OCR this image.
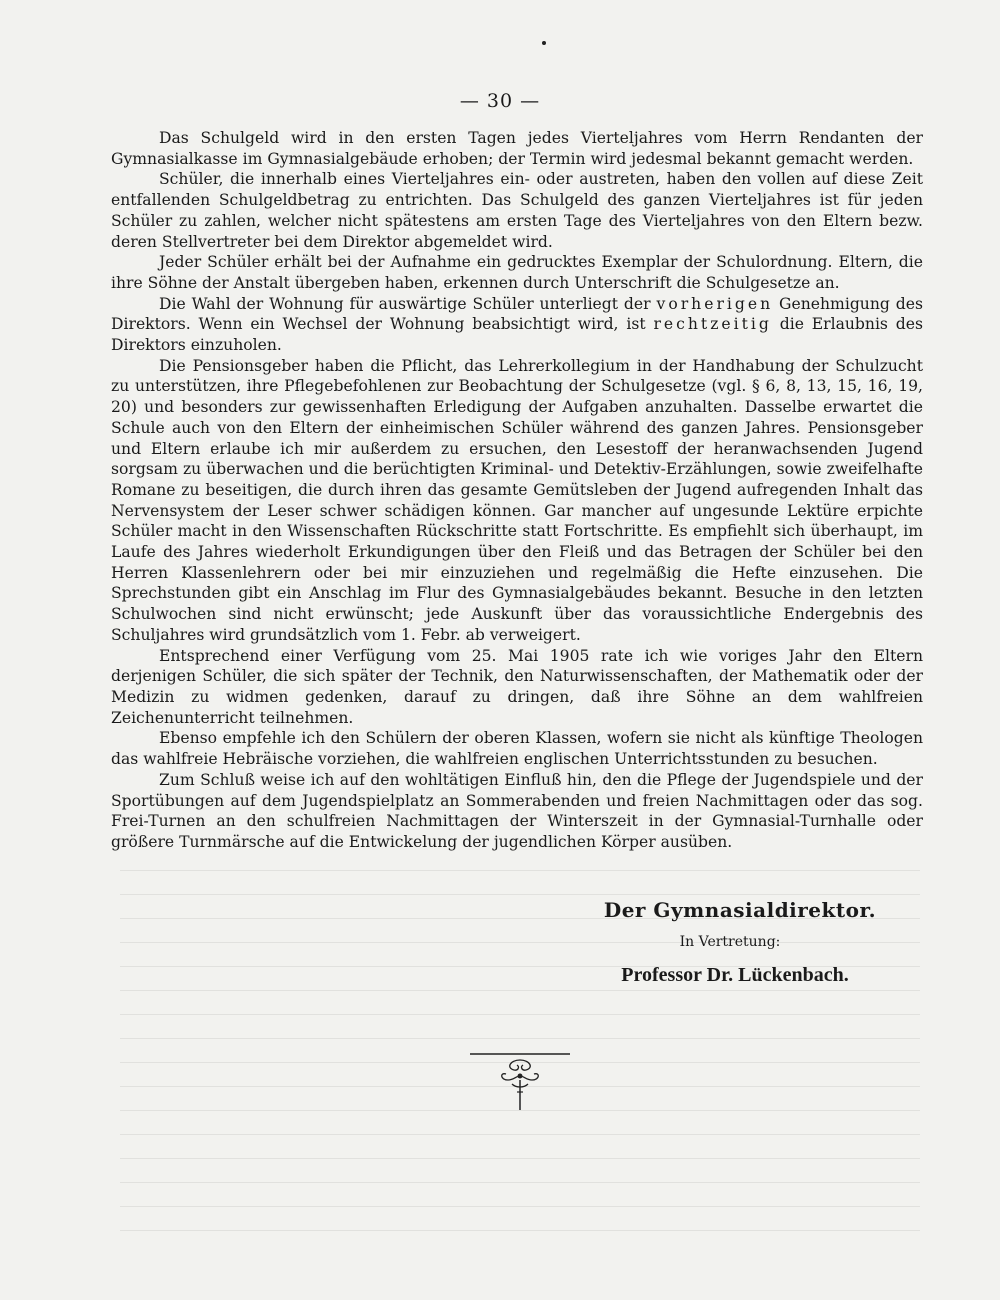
— 30 —

Das Schulgeld wird in den ersten Tagen jedes Vierteljahres vom Herrn Rendanten der Gymnasialkasse im Gymnasialgebäude erhoben; der Termin wird jedesmal bekannt gemacht werden.

Schüler, die innerhalb eines Vierteljahres ein- oder austreten, haben den vollen auf diese Zeit entfallenden Schulgeldbetrag zu entrichten. Das Schulgeld des ganzen Vierteljahres ist für jeden Schüler zu zahlen, welcher nicht spätestens am ersten Tage des Vierteljahres von den Eltern bezw. deren Stellvertreter bei dem Direktor abgemeldet wird.

Jeder Schüler erhält bei der Aufnahme ein gedrucktes Exemplar der Schulordnung. Eltern, die ihre Söhne der Anstalt übergeben haben, erkennen durch Unterschrift die Schulgesetze an.

Die Wahl der Wohnung für auswärtige Schüler unterliegt der vorherigen Genehmigung des Direktors. Wenn ein Wechsel der Wohnung beabsichtigt wird, ist rechtzeitig die Erlaubnis des Direktors einzuholen.

Die Pensionsgeber haben die Pflicht, das Lehrerkollegium in der Handhabung der Schulzucht zu unterstützen, ihre Pflegebefohlenen zur Beobachtung der Schulgesetze (vgl. § 6, 8, 13, 15, 16, 19, 20) und besonders zur gewissenhaften Erledigung der Aufgaben anzuhalten. Dasselbe erwartet die Schule auch von den Eltern der einheimischen Schüler während des ganzen Jahres. Pensionsgeber und Eltern erlaube ich mir außerdem zu ersuchen, den Lesestoff der heranwachsenden Jugend sorgsam zu überwachen und die berüchtigten Kriminal- und Detektiv-Erzählungen, sowie zweifelhafte Romane zu beseitigen, die durch ihren das gesamte Gemütsleben der Jugend aufregenden Inhalt das Nervensystem der Leser schwer schädigen können. Gar mancher auf ungesunde Lektüre erpichte Schüler macht in den Wissenschaften Rückschritte statt Fortschritte. Es empfiehlt sich überhaupt, im Laufe des Jahres wiederholt Erkundigungen über den Fleiß und das Betragen der Schüler bei den Herren Klassenlehrern oder bei mir einzuziehen und regelmäßig die Hefte einzusehen. Die Sprechstunden gibt ein Anschlag im Flur des Gymnasialgebäudes bekannt. Besuche in den letzten Schulwochen sind nicht erwünscht; jede Auskunft über das voraussichtliche Endergebnis des Schuljahres wird grundsätzlich vom 1. Febr. ab verweigert.

Entsprechend einer Verfügung vom 25. Mai 1905 rate ich wie voriges Jahr den Eltern derjenigen Schüler, die sich später der Technik, den Naturwissenschaften, der Mathematik oder der Medizin zu widmen gedenken, darauf zu dringen, daß ihre Söhne an dem wahlfreien Zeichenunterricht teilnehmen.

Ebenso empfehle ich den Schülern der oberen Klassen, wofern sie nicht als künftige Theologen das wahlfreie Hebräische vorziehen, die wahlfreien englischen Unterrichtsstunden zu besuchen.

Zum Schluß weise ich auf den wohltätigen Einfluß hin, den die Pflege der Jugendspiele und der Sportübungen auf dem Jugendspielplatz an Sommerabenden und freien Nachmittagen oder das sog. Frei-Turnen an den schulfreien Nachmittagen der Winterszeit in der Gymnasial-Turnhalle oder größere Turnmärsche auf die Entwickelung der jugendlichen Körper ausüben.

Der Gymnasialdirektor.
In Vertretung:
Professor Dr. Lückenbach.
